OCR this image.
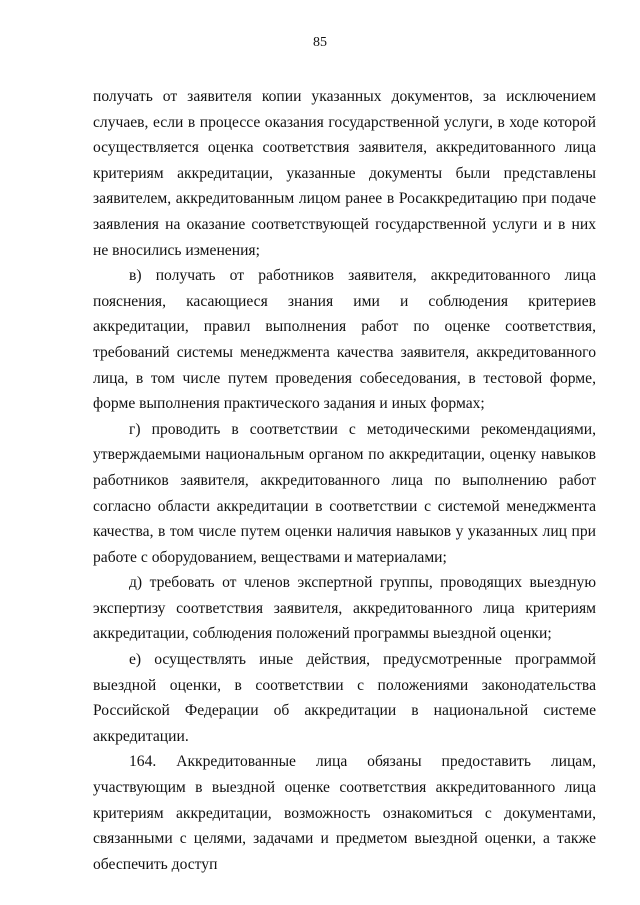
85

получать от заявителя копии указанных документов, за исключением случаев, если в процессе оказания государственной услуги, в ходе которой осуществляется оценка соответствия заявителя, аккредитованного лица критериям аккредитации, указанные документы были представлены заявителем, аккредитованным лицом ранее в Росаккредитацию при подаче заявления на оказание соответствующей государственной услуги и в них не вносились изменения;

в) получать от работников заявителя, аккредитованного лица пояснения, касающиеся знания ими и соблюдения критериев аккредитации, правил выполнения работ по оценке соответствия, требований системы менеджмента качества заявителя, аккредитованного лица, в том числе путем проведения собеседования, в тестовой форме, форме выполнения практического задания и иных формах;

г) проводить в соответствии с методическими рекомендациями, утверждаемыми национальным органом по аккредитации, оценку навыков работников заявителя, аккредитованного лица по выполнению работ согласно области аккредитации в соответствии с системой менеджмента качества, в том числе путем оценки наличия навыков у указанных лиц при работе с оборудованием, веществами и материалами;

д) требовать от членов экспертной группы, проводящих выездную экспертизу соответствия заявителя, аккредитованного лица критериям аккредитации, соблюдения положений программы выездной оценки;

е) осуществлять иные действия, предусмотренные программой выездной оценки, в соответствии с положениями законодательства Российской Федерации об аккредитации в национальной системе аккредитации.

164. Аккредитованные лица обязаны предоставить лицам, участвующим в выездной оценке соответствия аккредитованного лица критериям аккредитации, возможность ознакомиться с документами, связанными с целями, задачами и предметом выездной оценки, а также обеспечить доступ
